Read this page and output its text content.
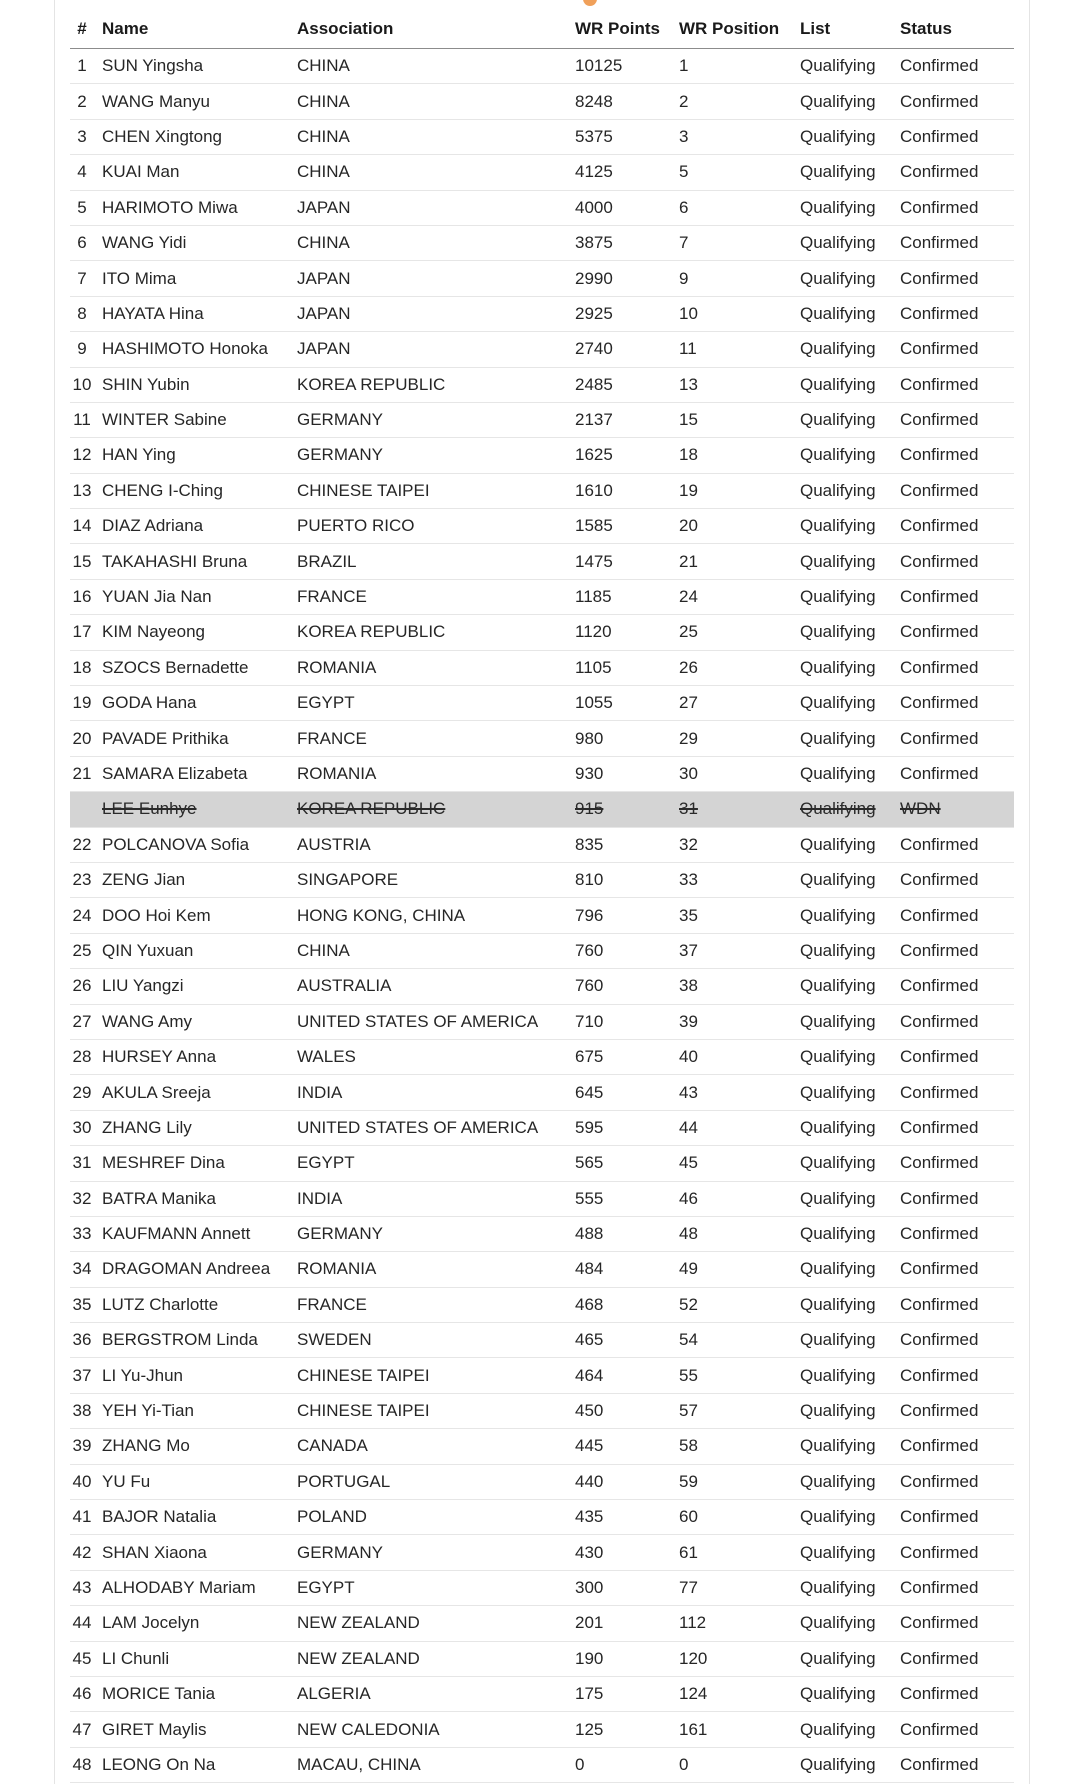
#	Name	Association	WR Points	WR Position	List	Status
1	SUN Yingsha	CHINA	10125	1	Qualifying	Confirmed
2	WANG Manyu	CHINA	8248	2	Qualifying	Confirmed
3	CHEN Xingtong	CHINA	5375	3	Qualifying	Confirmed
4	KUAI Man	CHINA	4125	5	Qualifying	Confirmed
5	HARIMOTO Miwa	JAPAN	4000	6	Qualifying	Confirmed
6	WANG Yidi	CHINA	3875	7	Qualifying	Confirmed
7	ITO Mima	JAPAN	2990	9	Qualifying	Confirmed
8	HAYATA Hina	JAPAN	2925	10	Qualifying	Confirmed
9	HASHIMOTO Honoka	JAPAN	2740	11	Qualifying	Confirmed
10	SHIN Yubin	KOREA REPUBLIC	2485	13	Qualifying	Confirmed
11	WINTER Sabine	GERMANY	2137	15	Qualifying	Confirmed
12	HAN Ying	GERMANY	1625	18	Qualifying	Confirmed
13	CHENG I-Ching	CHINESE TAIPEI	1610	19	Qualifying	Confirmed
14	DIAZ Adriana	PUERTO RICO	1585	20	Qualifying	Confirmed
15	TAKAHASHI Bruna	BRAZIL	1475	21	Qualifying	Confirmed
16	YUAN Jia Nan	FRANCE	1185	24	Qualifying	Confirmed
17	KIM Nayeong	KOREA REPUBLIC	1120	25	Qualifying	Confirmed
18	SZOCS Bernadette	ROMANIA	1105	26	Qualifying	Confirmed
19	GODA Hana	EGYPT	1055	27	Qualifying	Confirmed
20	PAVADE Prithika	FRANCE	980	29	Qualifying	Confirmed
21	SAMARA Elizabeta	ROMANIA	930	30	Qualifying	Confirmed
	LEE Eunhye	KOREA REPUBLIC	915	31	Qualifying	WDN
22	POLCANOVA Sofia	AUSTRIA	835	32	Qualifying	Confirmed
23	ZENG Jian	SINGAPORE	810	33	Qualifying	Confirmed
24	DOO Hoi Kem	HONG KONG, CHINA	796	35	Qualifying	Confirmed
25	QIN Yuxuan	CHINA	760	37	Qualifying	Confirmed
26	LIU Yangzi	AUSTRALIA	760	38	Qualifying	Confirmed
27	WANG Amy	UNITED STATES OF AMERICA	710	39	Qualifying	Confirmed
28	HURSEY Anna	WALES	675	40	Qualifying	Confirmed
29	AKULA Sreeja	INDIA	645	43	Qualifying	Confirmed
30	ZHANG Lily	UNITED STATES OF AMERICA	595	44	Qualifying	Confirmed
31	MESHREF Dina	EGYPT	565	45	Qualifying	Confirmed
32	BATRA Manika	INDIA	555	46	Qualifying	Confirmed
33	KAUFMANN Annett	GERMANY	488	48	Qualifying	Confirmed
34	DRAGOMAN Andreea	ROMANIA	484	49	Qualifying	Confirmed
35	LUTZ Charlotte	FRANCE	468	52	Qualifying	Confirmed
36	BERGSTROM Linda	SWEDEN	465	54	Qualifying	Confirmed
37	LI Yu-Jhun	CHINESE TAIPEI	464	55	Qualifying	Confirmed
38	YEH Yi-Tian	CHINESE TAIPEI	450	57	Qualifying	Confirmed
39	ZHANG Mo	CANADA	445	58	Qualifying	Confirmed
40	YU Fu	PORTUGAL	440	59	Qualifying	Confirmed
41	BAJOR Natalia	POLAND	435	60	Qualifying	Confirmed
42	SHAN Xiaona	GERMANY	430	61	Qualifying	Confirmed
43	ALHODABY Mariam	EGYPT	300	77	Qualifying	Confirmed
44	LAM Jocelyn	NEW ZEALAND	201	112	Qualifying	Confirmed
45	LI Chunli	NEW ZEALAND	190	120	Qualifying	Confirmed
46	MORICE Tania	ALGERIA	175	124	Qualifying	Confirmed
47	GIRET Maylis	NEW CALEDONIA	125	161	Qualifying	Confirmed
48	LEONG On Na	MACAU, CHINA	0	0	Qualifying	Confirmed
